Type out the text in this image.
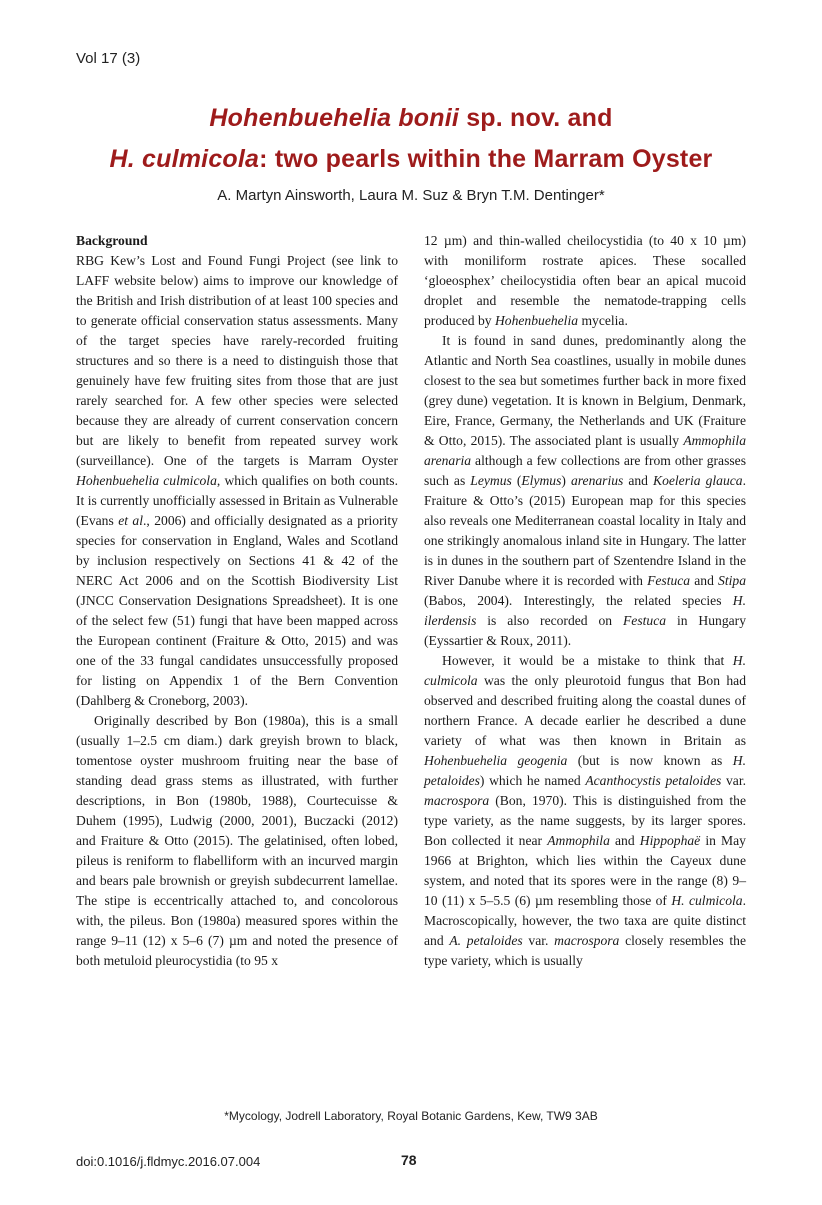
Vol 17 (3)
Hohenbuehelia bonii sp. nov. and
H. culmicola: two pearls within the Marram Oyster
A. Martyn Ainsworth, Laura M. Suz & Bryn T.M. Dentinger*
Background

RBG Kew’s Lost and Found Fungi Project (see link to LAFF website below) aims to improve our knowledge of the British and Irish distribution of at least 100 species and to generate official conservation status assessments. Many of the target species have rarely-recorded fruiting structures and so there is a need to distinguish those that genuinely have few fruiting sites from those that are just rarely searched for. A few other species were selected because they are already of current conservation concern but are likely to benefit from repeated survey work (surveillance). One of the targets is Marram Oyster Hohenbuehelia culmicola, which qualifies on both counts. It is currently unofficially assessed in Britain as Vulnerable (Evans et al., 2006) and officially designated as a priority species for conservation in England, Wales and Scotland by inclusion respectively on Sections 41 & 42 of the NERC Act 2006 and on the Scottish Biodiversity List (JNCC Conservation Designations Spreadsheet). It is one of the select few (51) fungi that have been mapped across the European continent (Fraiture & Otto, 2015) and was one of the 33 fungal candidates unsuccessfully proposed for listing on Appendix 1 of the Bern Convention (Dahlberg & Croneborg, 2003).

Originally described by Bon (1980a), this is a small (usually 1–2.5 cm diam.) dark greyish brown to black, tomentose oyster mushroom fruiting near the base of standing dead grass stems as illustrated, with further descriptions, in Bon (1980b, 1988), Courtecuisse & Duhem (1995), Ludwig (2000, 2001), Buczacki (2012) and Fraiture & Otto (2015). The gelatinised, often lobed, pileus is reniform to flabelliform with an incurved margin and bears pale brownish or greyish subdecurrent lamellae. The stipe is eccentrically attached to, and concolorous with, the pileus. Bon (1980a) measured spores within the range 9–11 (12) x 5–6 (7) µm and noted the presence of both metuloid pleurocystidia (to 95 x

12 µm) and thin-walled cheilocystidia (to 40 x 10 µm) with moniliform rostrate apices. These socalled ‘gloeosphex’ cheilocystidia often bear an apical mucoid droplet and resemble the nematode-trapping cells produced by Hohenbuehelia mycelia.

It is found in sand dunes, predominantly along the Atlantic and North Sea coastlines, usually in mobile dunes closest to the sea but sometimes further back in more fixed (grey dune) vegetation. It is known in Belgium, Denmark, Eire, France, Germany, the Netherlands and UK (Fraiture & Otto, 2015). The associated plant is usually Ammophila arenaria although a few collections are from other grasses such as Leymus (Elymus) arenarius and Koeleria glauca. Fraiture & Otto’s (2015) European map for this species also reveals one Mediterranean coastal locality in Italy and one strikingly anomalous inland site in Hungary. The latter is in dunes in the southern part of Szentendre Island in the River Danube where it is recorded with Festuca and Stipa (Babos, 2004). Interestingly, the related species H. ilerdensis is also recorded on Festuca in Hungary (Eyssartier & Roux, 2011).

However, it would be a mistake to think that H. culmicola was the only pleurotoid fungus that Bon had observed and described fruiting along the coastal dunes of northern France. A decade earlier he described a dune variety of what was then known in Britain as Hohenbuehelia geogenia (but is now known as H. petaloides) which he named Acanthocystis petaloides var. macrospora (Bon, 1970). This is distinguished from the type variety, as the name suggests, by its larger spores. Bon collected it near Ammophila and Hippophaë in May 1966 at Brighton, which lies within the Cayeux dune system, and noted that its spores were in the range (8) 9–10 (11) x 5–5.5 (6) µm resembling those of H. culmicola. Macroscopically, however, the two taxa are quite distinct and A. petaloides var. macrospora closely resembles the type variety, which is usually

*Mycology, Jodrell Laboratory, Royal Botanic Gardens, Kew, TW9 3AB
doi:0.1016/j.fldmyc.2016.07.004	78
